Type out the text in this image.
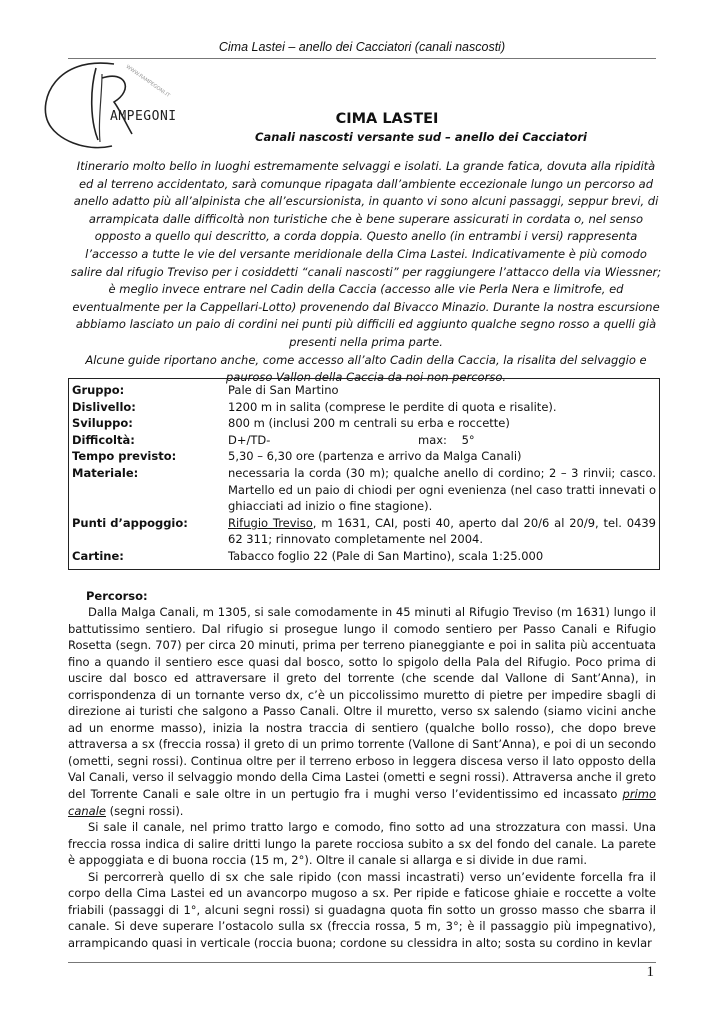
Cima Lastei – anello dei Cacciatori (canali nascosti)
WWW.RAMPEGONI.IT
AMPEGONI	CIMA LASTEI
Canali nascosti versante sud – anello dei Cacciatori

Itinerario molto bello in luoghi estremamente selvaggi e isolati. La grande fatica, dovuta alla ripidità ed al terreno accidentato, sarà comunque ripagata dall’ambiente eccezionale lungo un percorso ad anello adatto più all’alpinista che all’escursionista, in quanto vi sono alcuni passaggi, seppur brevi, di arrampicata dalle difficoltà non turistiche che è bene superare assicurati in cordata o, nel senso opposto a quello qui descritto, a corda doppia. Questo anello (in entrambi i versi) rappresenta l’accesso a tutte le vie del versante meridionale della Cima Lastei. Indicativamente è più comodo salire dal rifugio Treviso per i cosiddetti “canali nascosti” per raggiungere l’attacco della via Wiessner; è meglio invece entrare nel Cadin della Caccia (accesso alle vie Perla Nera e limitrofe, ed eventualmente per la Cappellari-Lotto) provenendo dal Bivacco Minazio. Durante la nostra escursione abbiamo lasciato un paio di cordini nei punti più difficili ed aggiunto qualche segno rosso a quelli già presenti nella prima parte.

Alcune guide riportano anche, come accesso all’alto Cadin della Caccia, la risalita del selvaggio e pauroso Vallon della Caccia da noi non percorso.

Gruppo:	Pale di San Martino
Dislivello:	1200 m in salita (comprese le perdite di quota e risalite).
Sviluppo:	800 m (inclusi 200 m centrali su erba e roccette)
Difficoltà:	D+/TD-	max: 5°
Tempo previsto:	5,30 – 6,30 ore (partenza e arrivo da Malga Canali)
Materiale:	necessaria la corda (30 m); qualche anello di cordino; 2 – 3 rinvii; casco. Martello ed un paio di chiodi per ogni evenienza (nel caso tratti innevati o ghiacciati ad inizio o fine stagione).
Punti d’appoggio:	Rifugio Treviso, m 1631, CAI, posti 40, aperto dal 20/6 al 20/9, tel. 0439 62 311; rinnovato completamente nel 2004.
Cartine:	Tabacco foglio 22 (Pale di San Martino), scala 1:25.000
Percorso:

Dalla Malga Canali, m 1305, si sale comodamente in 45 minuti al Rifugio Treviso (m 1631) lungo il battutissimo sentiero. Dal rifugio si prosegue lungo il comodo sentiero per Passo Canali e Rifugio Rosetta (segn. 707) per circa 20 minuti, prima per terreno pianeggiante e poi in salita più accentuata fino a quando il sentiero esce quasi dal bosco, sotto lo spigolo della Pala del Rifugio. Poco prima di uscire dal bosco ed attraversare il greto del torrente (che scende dal Vallone di Sant’Anna), in corrispondenza di un tornante verso dx, c’è un piccolissimo muretto di pietre per impedire sbagli di direzione ai turisti che salgono a Passo Canali. Oltre il muretto, verso sx salendo (siamo vicini anche ad un enorme masso), inizia la nostra traccia di sentiero (qualche bollo rosso), che dopo breve attraversa a sx (freccia rossa) il greto di un primo torrente (Vallone di Sant’Anna), e poi di un secondo (ometti, segni rossi). Continua oltre per il terreno erboso in leggera discesa verso il lato opposto della Val Canali, verso il selvaggio mondo della Cima Lastei (ometti e segni rossi). Attraversa anche il greto del Torrente Canali e sale oltre in un pertugio fra i mughi verso l’evidentissimo ed incassato primo canale (segni rossi).

Si sale il canale, nel primo tratto largo e comodo, fino sotto ad una strozzatura con massi. Una freccia rossa indica di salire dritti lungo la parete rocciosa subito a sx del fondo del canale. La parete è appoggiata e di buona roccia (15 m, 2°). Oltre il canale si allarga e si divide in due rami.

Si percorrerà quello di sx che sale ripido (con massi incastrati) verso un’evidente forcella fra il corpo della Cima Lastei ed un avancorpo mugoso a sx. Per ripide e faticose ghiaie e roccette a volte friabili (passaggi di 1°, alcuni segni rossi) si guadagna quota fin sotto un grosso masso che sbarra il canale. Si deve superare l’ostacolo sulla sx (freccia rossa, 5 m, 3°; è il passaggio più impegnativo), arrampicando quasi in verticale (roccia buona; cordone su clessidra in alto; sosta su cordino in kevlar

1
